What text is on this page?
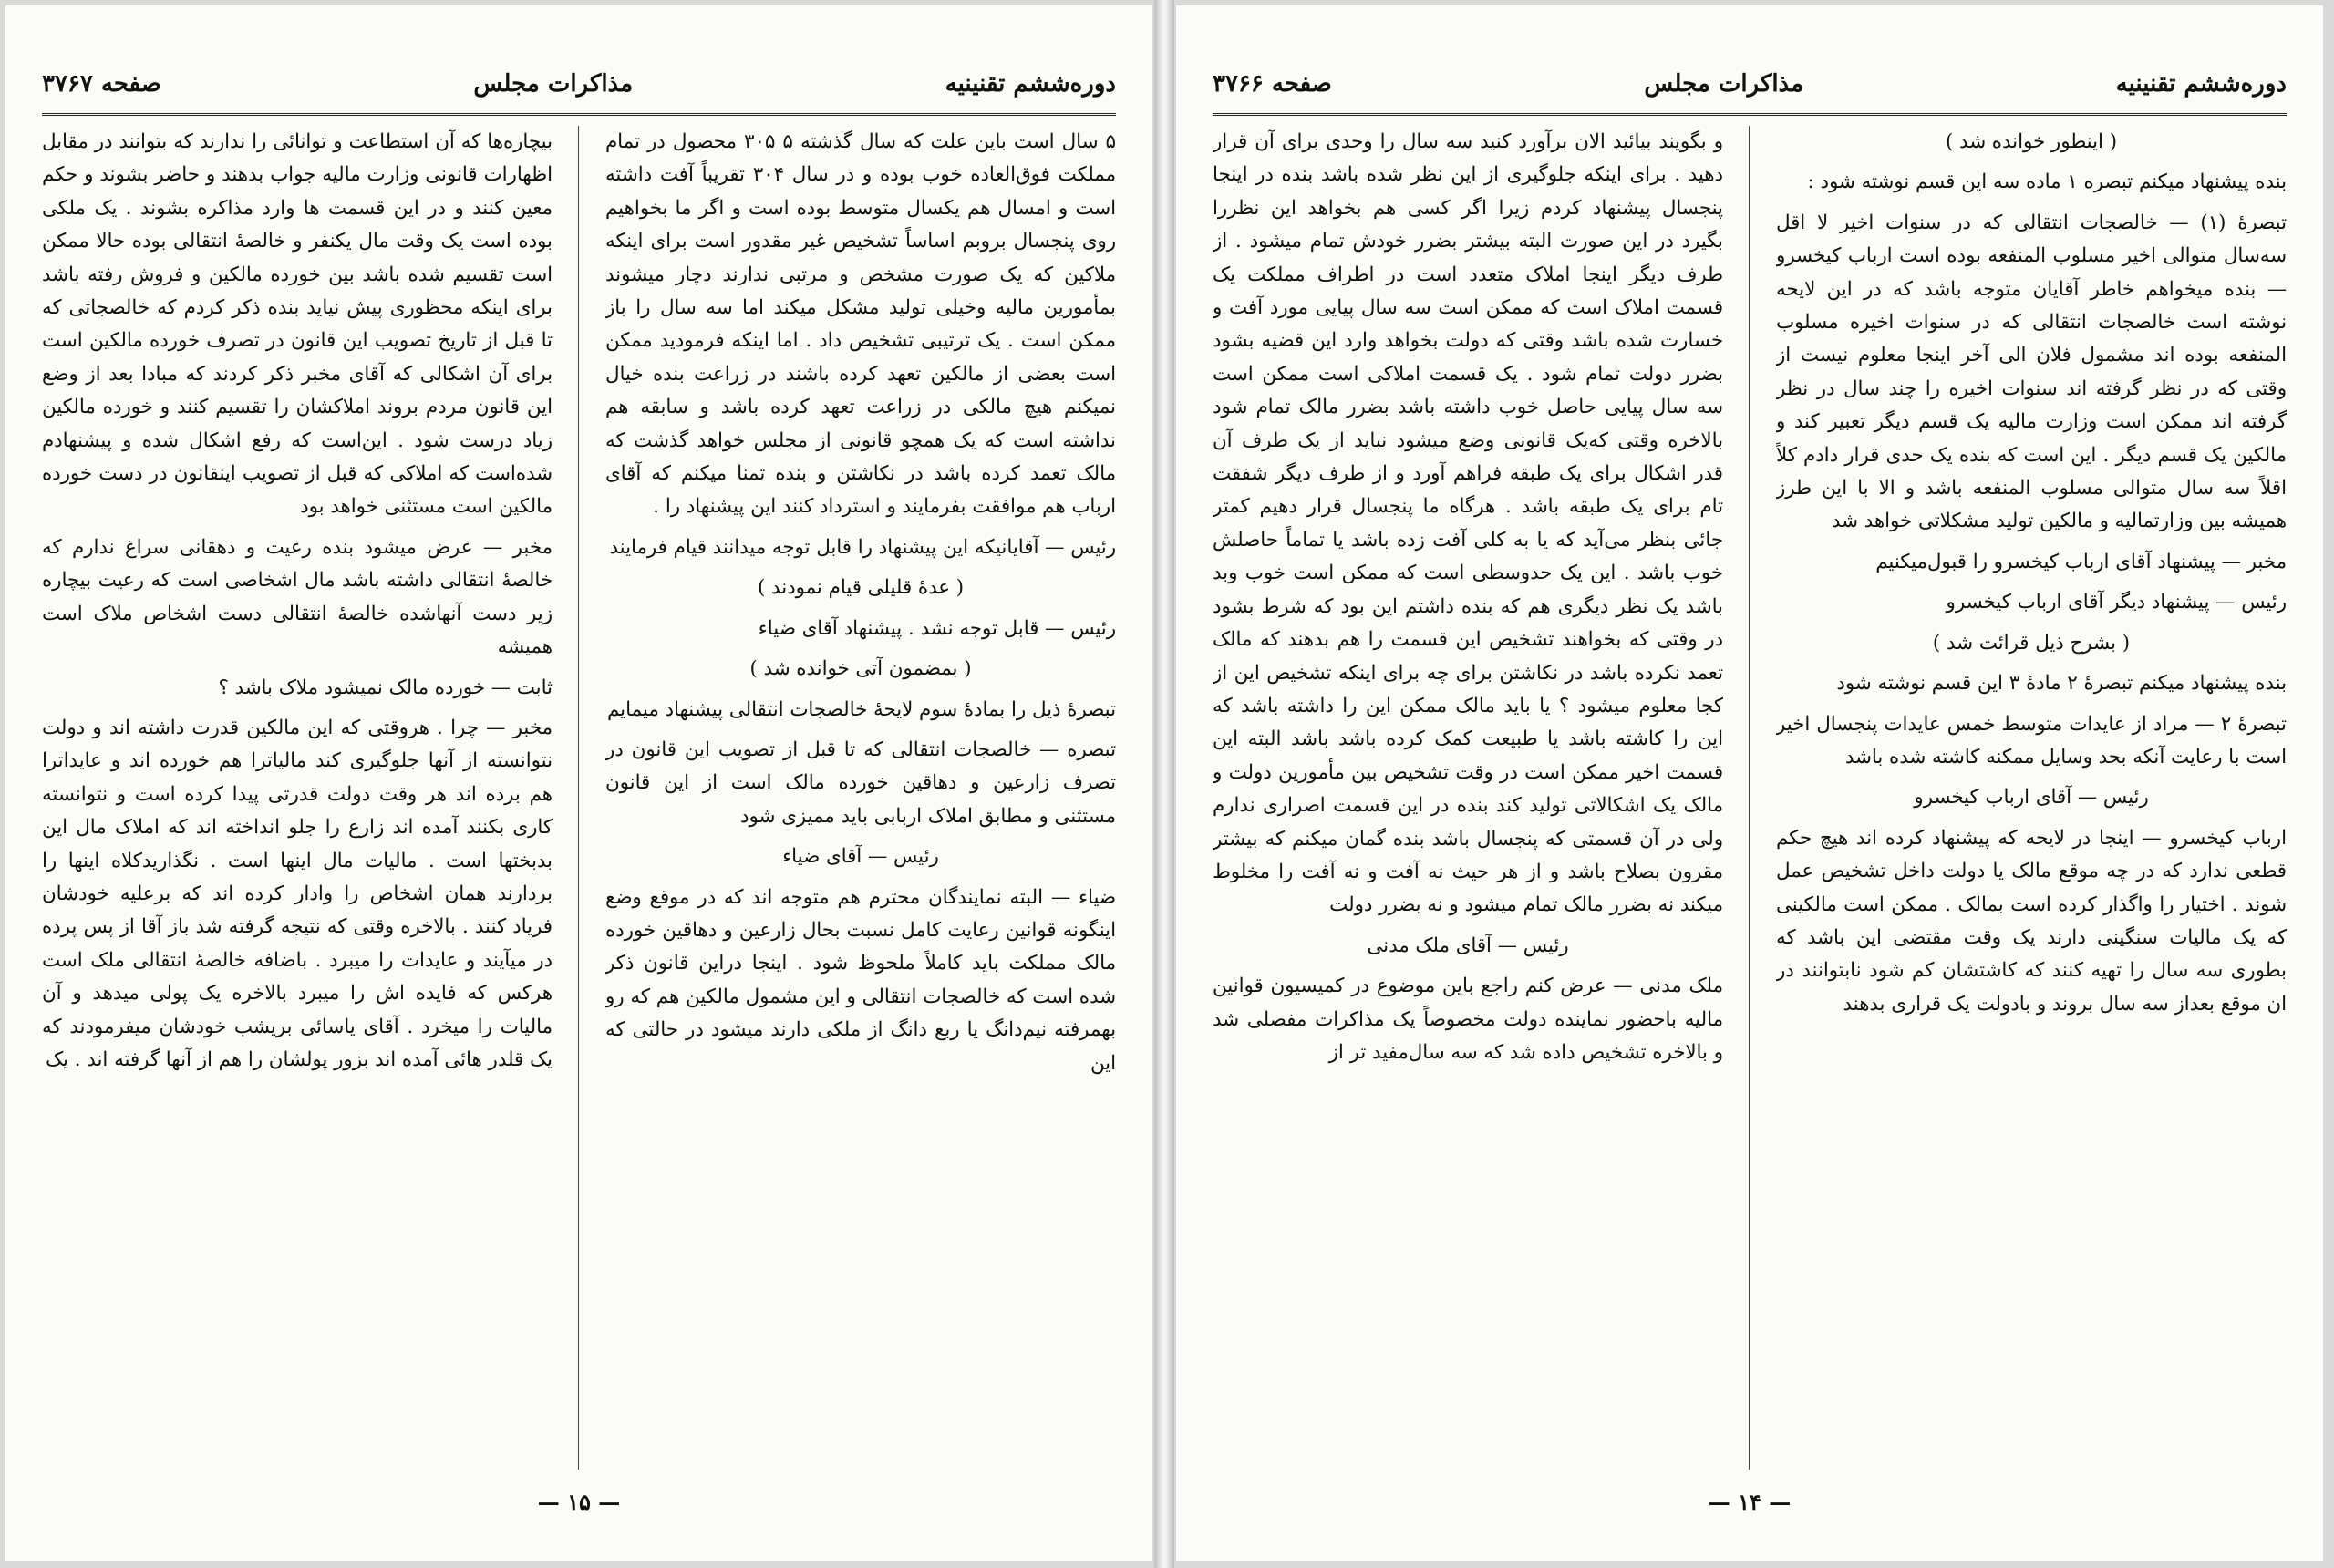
دوره‌ششم تقنینیه
مذاکرات مجلس
صفحه ۳۷۶۷

۵ سال است باین علت که سال گذشته ۵ ۳۰۵ محصول در تمام مملکت فوق‌العاده خوب بوده و در سال ۳۰۴ تقریباً آفت داشته است و امسال هم یکسال متوسط بوده است و اگر ما بخواهیم روی پنجسال بروبم اساساً تشخیص غیر مقدور است برای اینکه ملاکین که یک صورت مشخص و مرتبی ندارند دچار میشوند بمأمورین مالیه وخیلی تولید مشکل میکند اما سه سال را باز ممکن است . یک ترتیبی تشخیص داد . اما اینکه فرمودید ممکن است بعضی از مالکین تعهد کرده باشند در زراعت بنده خیال نمیکنم هیچ مالکی در زراعت تعهد کرده باشد و سابقه هم نداشته است که یک همچو قانونی از مجلس خواهد گذشت که مالک تعمد کرده باشد در نکاشتن و بنده تمنا میکنم که آقای ارباب هم موافقت بفرمایند و استرداد کنند این پیشنهاد را .

رئیس — آقایانیکه این پیشنهاد را قابل توجه میدانند قیام فرمایند

( عدهٔ قلیلی قیام نمودند )

رئیس — قابل توجه نشد . پیشنهاد آقای ضیاء

( بمضمون آتی خوانده شد )

تبصرهٔ ذیل را بمادهٔ سوم لایحهٔ خالصجات انتقالی پیشنهاد میمایم

تبصره — خالصجات انتقالی که تا قبل از تصویب این قانون در تصرف زارعین و دهاقین خورده مالک است از این قانون مستثنی و مطابق املاک اربابی باید ممیزی شود

رئیس — آقای ضیاء

ضیاء — البته نمایندگان محترم هم متوجه اند که در موقع وضع اینگونه قوانین رعایت کامل نسبت بحال زارعین و دهاقین خورده مالک مملکت باید کاملاً ملحوظ شود . اینجا دراین قانون ذکر شده است که خالصجات انتقالی و این مشمول مالکین هم که رو بهمرفته نیم‌دانگ یا ربع دانگ از ملکی دارند میشود در حالتی که این

بیچاره‌ها که آن استطاعت و توانائی را ندارند که بتوانند در مقابل اظهارات قانونی وزارت مالیه جواب بدهند و حاضر بشوند و حکم معین کنند و در این قسمت ها وارد مذاکره بشوند . یک ملکی بوده است یک وقت مال یکنفر و خالصهٔ انتقالی بوده حالا ممکن است تقسیم شده باشد بین خورده مالکین و فروش رفته باشد برای اینکه محظوری پیش نیاید بنده ذکر کردم که خالصجاتی که تا قبل از تاریخ تصویب این قانون در تصرف خورده مالکین است برای آن اشکالی که آقای مخبر ذکر کردند که مبادا بعد از وضع این قانون مردم بروند املاکشان را تقسیم کنند و خورده مالکین زیاد درست شود . این‌است که رفع اشکال شده و پیشنهادم شده‌است که املاکی که قبل از تصویب اینقانون در دست خورده مالکین است مستثنی خواهد بود

مخبر — عرض میشود بنده رعیت و دهقانی سراغ ندارم که خالصهٔ انتقالی داشته باشد مال اشخاصی است که رعیت بیچاره زیر دست آنهاشده خالصهٔ انتقالی دست اشخاص ملاک است همیشه

ثابت — خورده مالک نمیشود ملاک باشد ؟

مخبر — چرا . هروقتی که این مالکین قدرت داشته اند و دولت نتوانسته از آنها جلوگیری کند مالیاترا هم خورده اند و عایداترا هم برده اند هر وقت دولت قدرتی پیدا کرده است و نتوانسته کاری بکنند آمده اند زارع را جلو انداخته اند که املاک مال این بدبختها است . مالیات مال اینها است . نگذاریدکلاه اینها را بردارند همان اشخاص را وادار کرده اند که برعلیه خودشان فریاد کنند . بالاخره وقتی که نتیجه گرفته شد باز آقا از پس پرده در میآیند و عایدات را میبرد . باضافه خالصهٔ انتقالی ملک است هرکس که فایده اش را میبرد بالاخره یک پولی میدهد و آن مالیات را میخرد . آقای یاسائی بریشب خودشان میفرمودند که یک قلدر هائی آمده اند بزور پولشان را هم از آنها گرفته اند . یک

— ۱۵ —
دوره‌ششم تقنینیه
مذاکرات مجلس
صفحه ۳۷۶۶

( اینطور خوانده شد )

بنده پیشنهاد میکنم تبصره ۱ ماده سه این قسم نوشته شود :

تبصرهٔ (۱) — خالصجات انتقالی که در سنوات اخیر لا اقل سه‌سال متوالی اخیر مسلوب المنفعه بوده است ارباب کیخسرو — بنده میخواهم خاطر آقایان متوجه باشد که در این لایحه نوشته است خالصجات انتقالی که در سنوات اخیره مسلوب المنفعه بوده اند مشمول فلان الی آخر اینجا معلوم نیست از وقتی که در نظر گرفته اند سنوات اخیره را چند سال در نظر گرفته اند ممکن است وزارت مالیه یک قسم دیگر تعبیر کند و مالکین یک قسم دیگر . این است که بنده یک حدی قرار دادم کلاً اقلاً سه سال متوالی مسلوب المنفعه باشد و الا با این طرز همیشه بین وزارتمالیه و مالکین تولید مشکلاتی خواهد شد

مخبر — پیشنهاد آقای ارباب کیخسرو را قبول‌میکنیم

رئیس — پیشنهاد دیگر آقای ارباب کیخسرو

( بشرح ذیل قرائت شد )

بنده پیشنهاد میکنم تبصرهٔ ۲ مادهٔ ۳ این قسم نوشته شود

تبصرهٔ ۲ — مراد از عایدات متوسط خمس عایدات پنجسال اخیر است با رعایت آنکه بحد وسایل ممکنه کاشته شده باشد

رئیس — آقای ارباب کیخسرو

ارباب کیخسرو — اینجا در لایحه که پیشنهاد کرده اند هیچ حکم قطعی ندارد که در چه موقع مالک یا دولت داخل تشخیص عمل شوند . اختیار را واگذار کرده است بمالک . ممکن است مالکینی که یک مالیات سنگینی دارند یک وقت مقتضی این باشد که بطوری سه سال را تهیه کنند که کاشتشان کم شود نابتوانند در ان موقع بعداز سه سال بروند و بادولت یک قراری بدهند

و بگویند بیائید الان برآورد کنید سه سال را وحدی برای آن قرار دهید . برای اینکه جلوگیری از این نظر شده باشد بنده در اینجا پنجسال پیشنهاد کردم زیرا اگر کسی هم بخواهد این نظررا بگیرد در این صورت البته بیشتر بضرر خودش تمام میشود . از طرف دیگر اینجا املاک متعدد است در اطراف مملکت یک قسمت املاک است که ممکن است سه سال پیایی مورد آفت و خسارت شده باشد وقتی که دولت بخواهد وارد این قضیه بشود بضرر دولت تمام شود . یک قسمت املاکی است ممکن است سه سال پیایی حاصل خوب داشته باشد بضرر مالک تمام شود بالاخره وقتی که‌یک قانونی وضع میشود نباید از یک طرف آن قدر اشکال برای یک طبقه فراهم آورد و از طرف دیگر شفقت تام برای یک طبقه باشد . هرگاه ما پنجسال قرار دهیم کمتر جائی بنظر می‌آید که یا به کلی آفت زده باشد یا تماماً حاصلش خوب باشد . این یک حدوسطی است که ممکن است خوب وبد باشد یک نظر دیگری هم که بنده داشتم این بود که شرط بشود در وقتی که بخواهند تشخیص این قسمت را هم بدهند که مالک تعمد نکرده باشد در نکاشتن برای چه برای اینکه تشخیص این از کجا معلوم میشود ؟ یا باید مالک ممکن این را داشته باشد که این را کاشته باشد یا طبیعت کمک کرده باشد باشد البته این قسمت اخیر ممکن است در وقت تشخیص بین مأمورین دولت و مالک یک اشکالاتی تولید کند بنده در این قسمت اصراری ندارم ولی در آن قسمتی که پنجسال باشد بنده گمان میکنم که بیشتر مقرون بصلاح باشد و از هر حیث نه آفت و نه آفت را مخلوط میکند نه بضرر مالک تمام میشود و نه بضرر دولت

رئیس — آقای ملک مدنی

ملک مدنی — عرض کنم راجع باین موضوع در کمیسیون قوانین مالیه باحضور نماینده دولت مخصوصاً یک مذاکرات مفصلی شد و بالاخره تشخیص داده شد که سه سال‌مفید تر از

— ۱۴ —
